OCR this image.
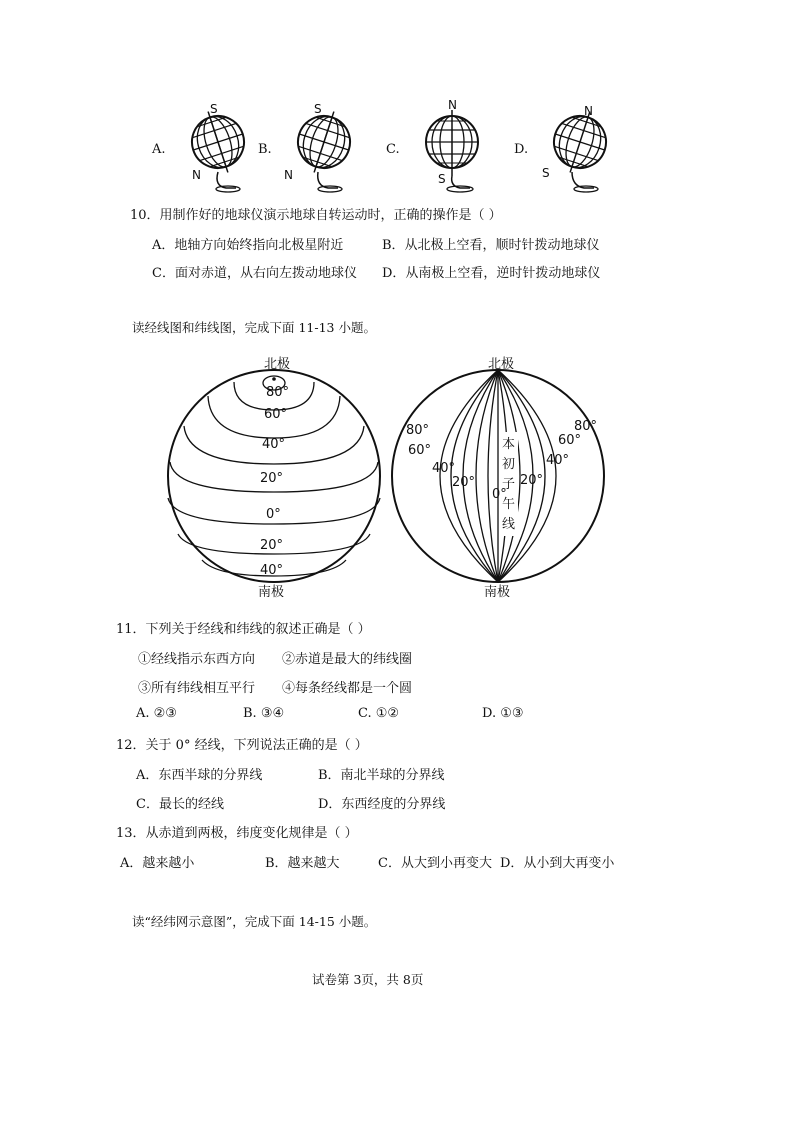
A.
S
N
B.
S
N
C.
N
S
D.
N
S
10．用制作好的地球仪演示地球自转运动时，正确的操作是（ ）
A．地轴方向始终指向北极星附近	B．从北极上空看，顺时针拨动地球仪
C．面对赤道，从右向左拨动地球仪 D．从南极上空看，逆时针拨动地球仪
读经线图和纬线图，完成下面 11-13 小题。
北极
80°
60°
40°
20°
0°
20°
40°
南极
北极
本
初
子
午
线
0°
80°
60°
40°
20°
80°
60°
40°
20°
南极
11．下列关于经线和纬线的叙述正确是（ ）
①经线指示东西方向 ②赤道是最大的纬线圈
③所有纬线相互平行 ④每条经线都是一个圆
A. ②③	B. ③④	C. ①②	D. ①③
12．关于 0° 经线，下列说法正确的是（ ）
A．东西半球的分界线	B．南北半球的分界线
C．最长的经线	D．东西经度的分界线
13．从赤道到两极，纬度变化规律是（ ）
A．越来越小	B．越来越大	C．从大到小再变大 D．从小到大再变小
读“经纬网示意图”，完成下面 14-15 小题。
试卷第 3页，共 8页
